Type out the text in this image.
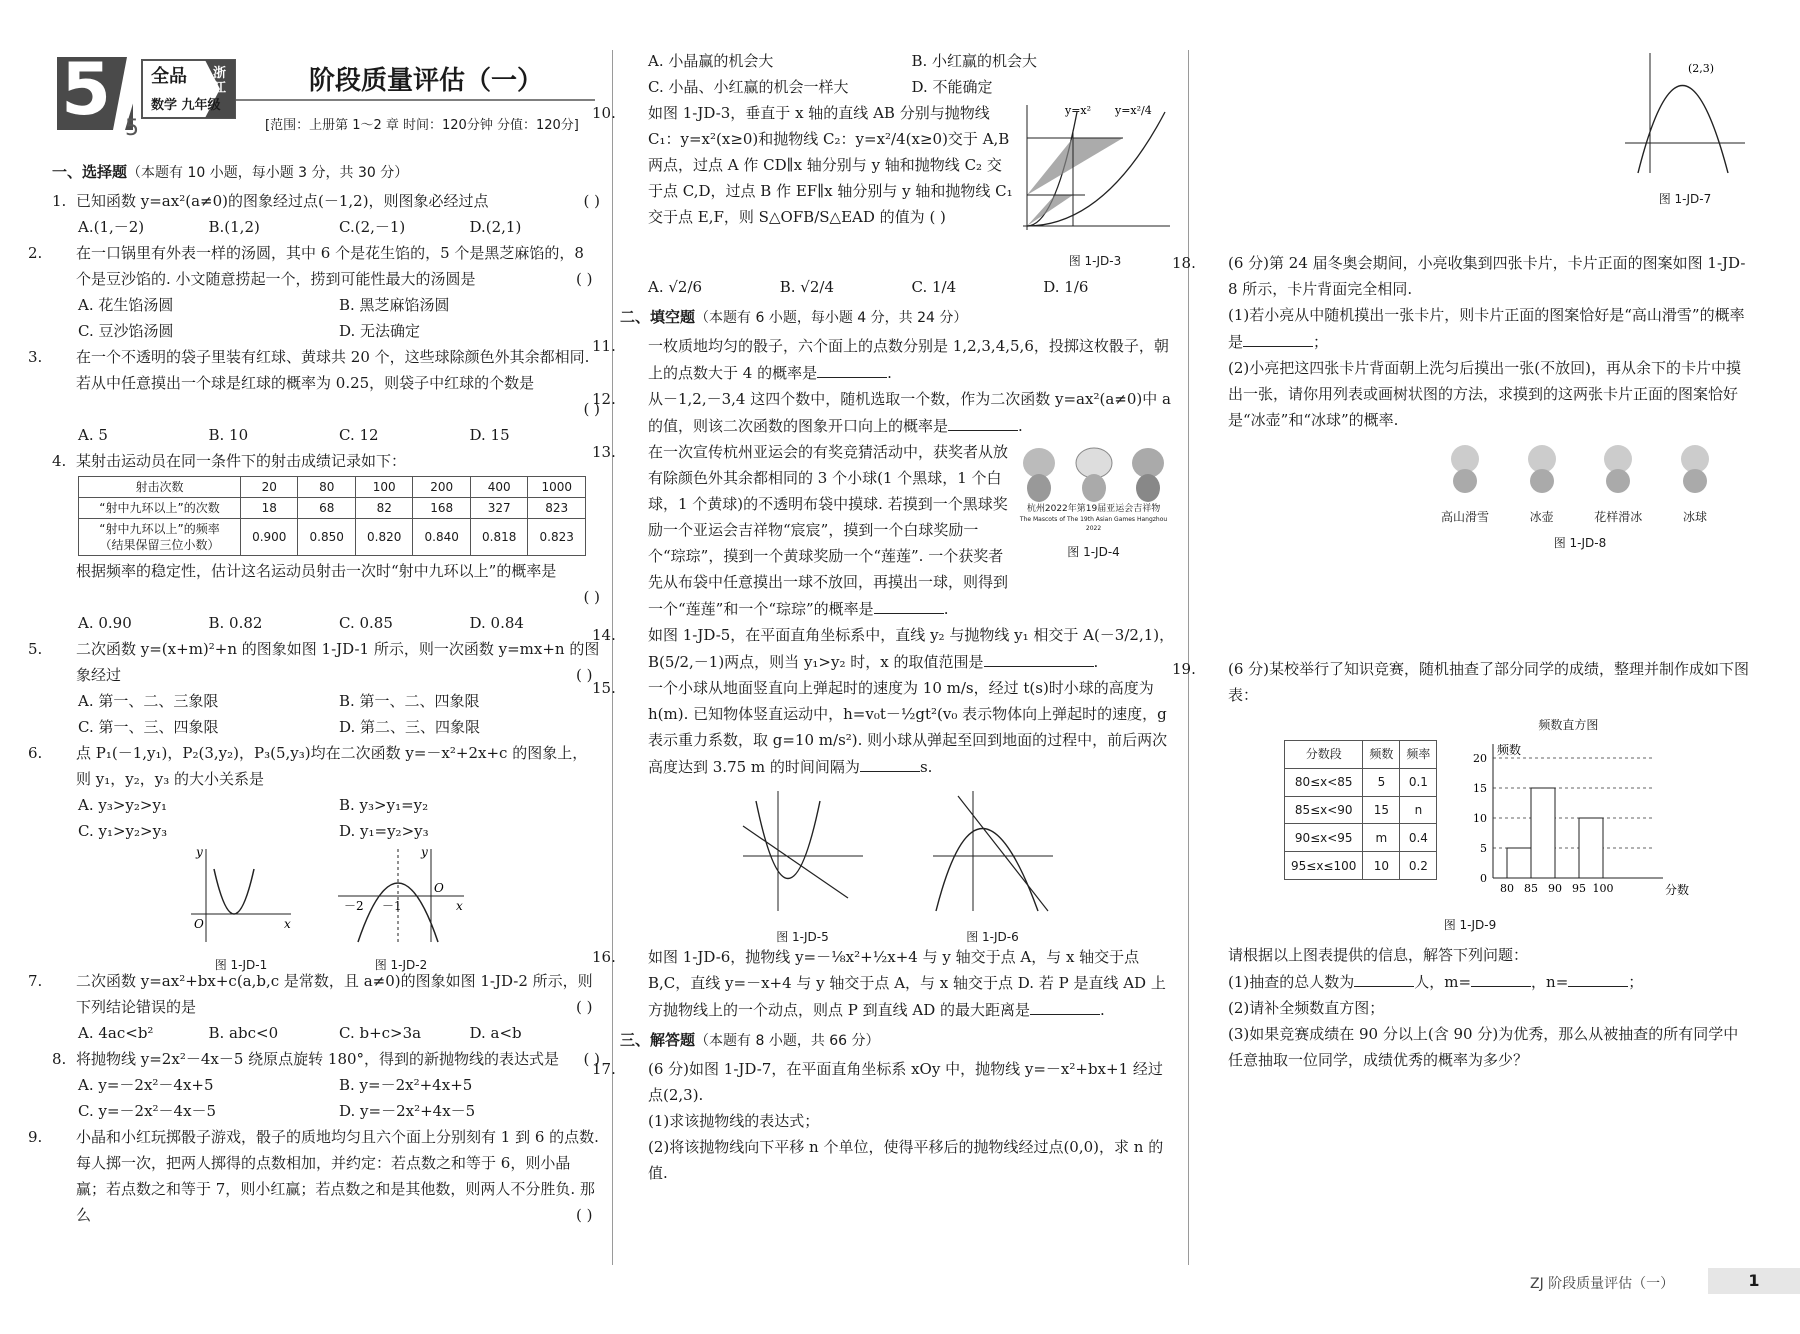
5 5
全品 浙江
数学 九年级
阶段质量评估（一）
[范围：上册第 1～2 章 时间：120分钟 分值：120分]
一、选择题（本题有 10 小题，每小题 3 分，共 30 分）
1. 已知函数 y=ax²(a≠0)的图象经过点(－1,2)，则图象必经过点	( )
A.(1,－2)	B.(1,2)	C.(2,－1)	D.(2,1)
2. 在一口锅里有外表一样的汤圆，其中 6 个是花生馅的，5 个是黑芝麻馅的，8 个是豆沙馅的. 小文随意捞起一个，捞到可能性最大的汤圆是	( )
A. 花生馅汤圆	B. 黑芝麻馅汤圆
C. 豆沙馅汤圆	D. 无法确定
3. 在一个不透明的袋子里装有红球、黄球共 20 个，这些球除颜色外其余都相同. 若从中任意摸出一个球是红球的概率为 0.25，则袋子中红球的个数是
( )
A. 5	B. 10	C. 12	D. 15
4. 某射击运动员在同一条件下的射击成绩记录如下：
射击次数	20	80	100	200	400	1000
“射中九环以上”的次数	18	68	82	168	327	823
“射中九环以上”的频率
（结果保留三位小数）	0.900	0.850	0.820	0.840	0.818	0.823
根据频率的稳定性，估计这名运动员射击一次时“射中九环以上”的概率是
( )
A. 0.90	B. 0.82	C. 0.85	D. 0.84
5. 二次函数 y=(x+m)²+n 的图象如图 1-JD-1 所示，则一次函数 y=mx+n 的图象经过	( )
A. 第一、二、三象限	B. 第一、二、四象限
C. 第一、三、四象限	D. 第二、三、四象限
6. 点 P₁(－1,y₁)，P₂(3,y₂)，P₃(5,y₃)均在二次函数 y=－x²+2x+c 的图象上，则 y₁，y₂，y₃ 的大小关系是
A. y₃>y₂>y₁	B. y₃>y₁=y₂
C. y₁>y₂>y₃	D. y₁=y₂>y₃
y
x
O
图 1-JD-1
y
x
O
－2 －1
图 1-JD-2
7. 二次函数 y=ax²+bx+c(a,b,c 是常数，且 a≠0)的图象如图 1-JD-2 所示，则下列结论错误的是	( )
A. 4ac<b²	B. abc<0	C. b+c>3a	D. a<b
8. 将抛物线 y=2x²－4x－5 绕原点旋转 180°，得到的新抛物线的表达式是 ( )
A. y=－2x²－4x+5	B. y=－2x²+4x+5
C. y=－2x²－4x－5	D. y=－2x²+4x－5
9. 小晶和小红玩掷骰子游戏，骰子的质地均匀且六个面上分别刻有 1 到 6 的点数. 每人掷一次，把两人掷得的点数相加，并约定：若点数之和等于 6，则小晶赢；若点数之和等于 7，则小红赢；若点数之和是其他数，则两人不分胜负. 那么	( )
A. 小晶赢的机会大	B. 小红赢的机会大
C. 小晶、小红赢的机会一样大	D. 不能确定
10. 如图 1-JD-3，垂直于 x 轴的直线 AB 分别与抛物线 C₁：y=x²(x≥0)和抛物线 C₂：y=x²/4(x≥0)交于 A,B 两点，过点 A 作 CD∥x 轴分别与 y 轴和抛物线 C₂ 交于点 C,D，过点 B 作 EF∥x 轴分别与 y 轴和抛物线 C₁ 交于点 E,F，则 S△OFB/S△EAD 的值为 ( )
y=x²/4
y=x²
图 1-JD-3
A. √2/6	B. √2/4	C. 1/4	D. 1/6
二、填空题（本题有 6 小题，每小题 4 分，共 24 分）
11. 一枚质地均匀的骰子，六个面上的点数分别是 1,2,3,4,5,6，投掷这枚骰子，朝上的点数大于 4 的概率是	.
12. 从－1,2,－3,4 这四个数中，随机选取一个数，作为二次函数 y=ax²(a≠0)中 a 的值，则该二次函数的图象开口向上的概率是	.
13. 在一次宣传杭州亚运会的有奖竞猜活动中，获奖者从放有除颜色外其余都相同的 3 个小球(1 个黑球，1 个白球，1 个黄球)的不透明布袋中摸球. 若摸到一个黑球奖励一个亚运会吉祥物“宸宸”，摸到一个白球奖励一个“琮琮”，摸到一个黄球奖励一个“莲莲”. 一个获奖者先从布袋中任意摸出一球不放回，再摸出一球，则得到一个“莲莲”和一个“琮琮”的概率是	.
杭州2022年第19届亚运会吉祥物
The Mascots of The 19th Asian Games Hangzhou 2022
图 1-JD-4
14. 如图 1-JD-5，在平面直角坐标系中，直线 y₂ 与抛物线 y₁ 相交于 A(－3/2,1)，B(5/2,－1)两点，则当 y₁>y₂ 时，x 的取值范围是	.
15. 一个小球从地面竖直向上弹起时的速度为 10 m/s，经过 t(s)时小球的高度为 h(m). 已知物体竖直运动中，h=v₀t－½gt²(v₀ 表示物体向上弹起时的速度，g 表示重力系数，取 g=10 m/s²). 则小球从弹起至回到地面的过程中，前后两次高度达到 3.75 m 的时间间隔为	s.
图 1-JD-5	图 1-JD-6
16. 如图 1-JD-6，抛物线 y=－⅛x²+½x+4 与 y 轴交于点 A，与 x 轴交于点 B,C，直线 y=－x+4 与 y 轴交于点 A，与 x 轴交于点 D. 若 P 是直线 AD 上方抛物线上的一个动点，则点 P 到直线 AD 的最大距离是	.
三、解答题（本题有 8 小题，共 66 分）
17. (6 分)如图 1-JD-7，在平面直角坐标系 xOy 中，抛物线 y=－x²+bx+1 经过点(2,3).
(1)求该抛物线的表达式；
(2)将该抛物线向下平移 n 个单位，使得平移后的抛物线经过点(0,0)，求 n 的值.
(2,3)
图 1-JD-7
18. (6 分)第 24 届冬奥会期间，小亮收集到四张卡片，卡片正面的图案如图 1-JD-8 所示，卡片背面完全相同.
(1)若小亮从中随机摸出一张卡片，则卡片正面的图案恰好是“高山滑雪”的概率是	；
(2)小亮把这四张卡片背面朝上洗匀后摸出一张(不放回)，再从余下的卡片中摸出一张，请你用列表或画树状图的方法，求摸到的这两张卡片正面的图案恰好是“冰壶”和“冰球”的概率.
高山滑雪	冰壶	花样滑冰	冰球
图 1-JD-8
19. (6 分)某校举行了知识竞赛，随机抽查了部分同学的成绩，整理并制作成如下图表：
分数段	频数	频率
80≤x<85	5	0.1
85≤x<90	15	n
90≤x<95	m	0.4
95≤x≤100	10	0.2
频数直方图
0
5
10
15
20
80 85 90 95 100
频数
分数
图 1-JD-9
请根据以上图表提供的信息，解答下列问题：
(1)抽查的总人数为	人，m=	，n=	；
(2)请补全频数直方图；
(3)如果竞赛成绩在 90 分以上(含 90 分)为优秀，那么从被抽查的所有同学中任意抽取一位同学，成绩优秀的概率为多少？
ZJ 阶段质量评估（一）	1
